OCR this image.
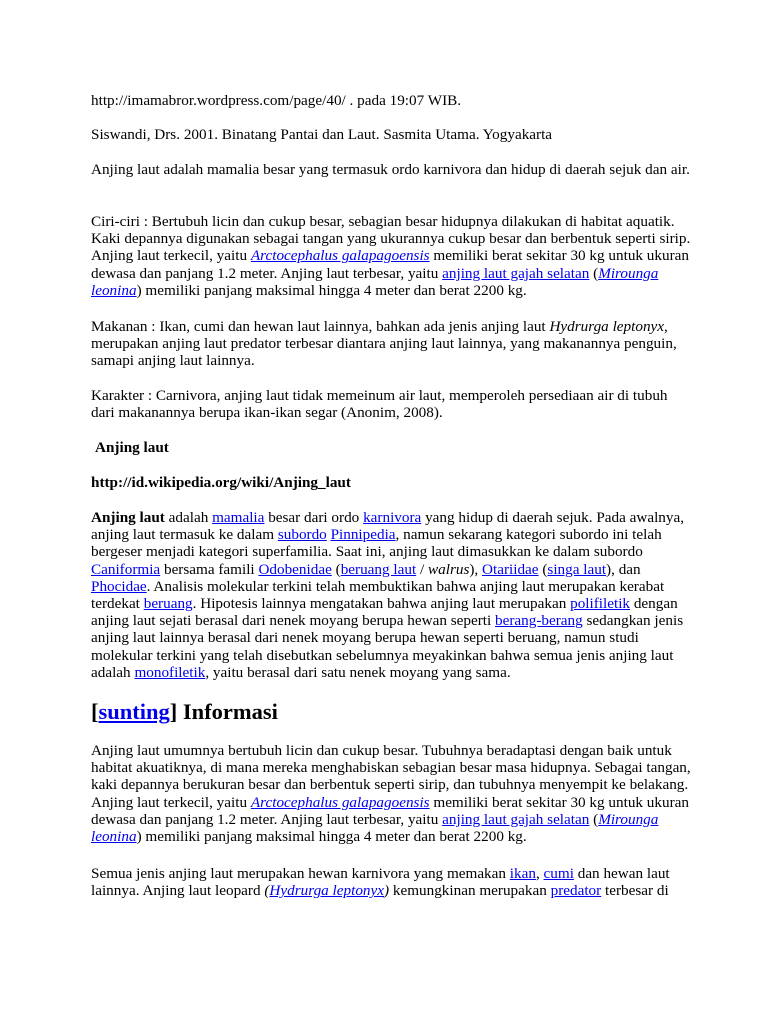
http://imamabror.wordpress.com/page/40/ . pada 19:07 WIB.

Siswandi, Drs. 2001. Binatang Pantai dan Laut. Sasmita Utama. Yogyakarta

Anjing laut adalah mamalia besar yang termasuk ordo karnivora dan hidup di daerah sejuk dan air.

Ciri-ciri : Bertubuh licin dan cukup besar, sebagian besar hidupnya dilakukan di habitat aquatik. Kaki depannya digunakan sebagai tangan yang ukurannya cukup besar dan berbentuk seperti sirip. Anjing laut terkecil, yaitu Arctocephalus galapagoensis memiliki berat sekitar 30 kg untuk ukuran dewasa dan panjang 1.2 meter. Anjing laut terbesar, yaitu anjing laut gajah selatan (Mirounga leonina) memiliki panjang maksimal hingga 4 meter dan berat 2200 kg.

Makanan : Ikan, cumi dan hewan laut lainnya, bahkan ada jenis anjing laut Hydrurga leptonyx, merupakan anjing laut predator terbesar diantara anjing laut lainnya, yang makanannya penguin, samapi anjing laut lainnya.

Karakter : Carnivora, anjing laut tidak memeinum air laut, memperoleh persediaan air di tubuh dari makanannya berupa ikan-ikan segar (Anonim, 2008).

Anjing laut

http://id.wikipedia.org/wiki/Anjing_laut

Anjing laut adalah mamalia besar dari ordo karnivora yang hidup di daerah sejuk. Pada awalnya, anjing laut termasuk ke dalam subordo Pinnipedia, namun sekarang kategori subordo ini telah bergeser menjadi kategori superfamilia. Saat ini, anjing laut dimasukkan ke dalam subordo Caniformia bersama famili Odobenidae (beruang laut / walrus), Otariidae (singa laut), dan Phocidae. Analisis molekular terkini telah membuktikan bahwa anjing laut merupakan kerabat terdekat beruang. Hipotesis lainnya mengatakan bahwa anjing laut merupakan polifiletik dengan anjing laut sejati berasal dari nenek moyang berupa hewan seperti berang-berang sedangkan jenis anjing laut lainnya berasal dari nenek moyang berupa hewan seperti beruang, namun studi molekular terkini yang telah disebutkan sebelumnya meyakinkan bahwa semua jenis anjing laut adalah monofiletik, yaitu berasal dari satu nenek moyang yang sama.

[sunting] Informasi

Anjing laut umumnya bertubuh licin dan cukup besar. Tubuhnya beradaptasi dengan baik untuk habitat akuatiknya, di mana mereka menghabiskan sebagian besar masa hidupnya. Sebagai tangan, kaki depannya berukuran besar dan berbentuk seperti sirip, dan tubuhnya menyempit ke belakang. Anjing laut terkecil, yaitu Arctocephalus galapagoensis memiliki berat sekitar 30 kg untuk ukuran dewasa dan panjang 1.2 meter. Anjing laut terbesar, yaitu anjing laut gajah selatan (Mirounga leonina) memiliki panjang maksimal hingga 4 meter dan berat 2200 kg.

Semua jenis anjing laut merupakan hewan karnivora yang memakan ikan, cumi dan hewan laut lainnya. Anjing laut leopard (Hydrurga leptonyx) kemungkinan merupakan predator terbesar di
